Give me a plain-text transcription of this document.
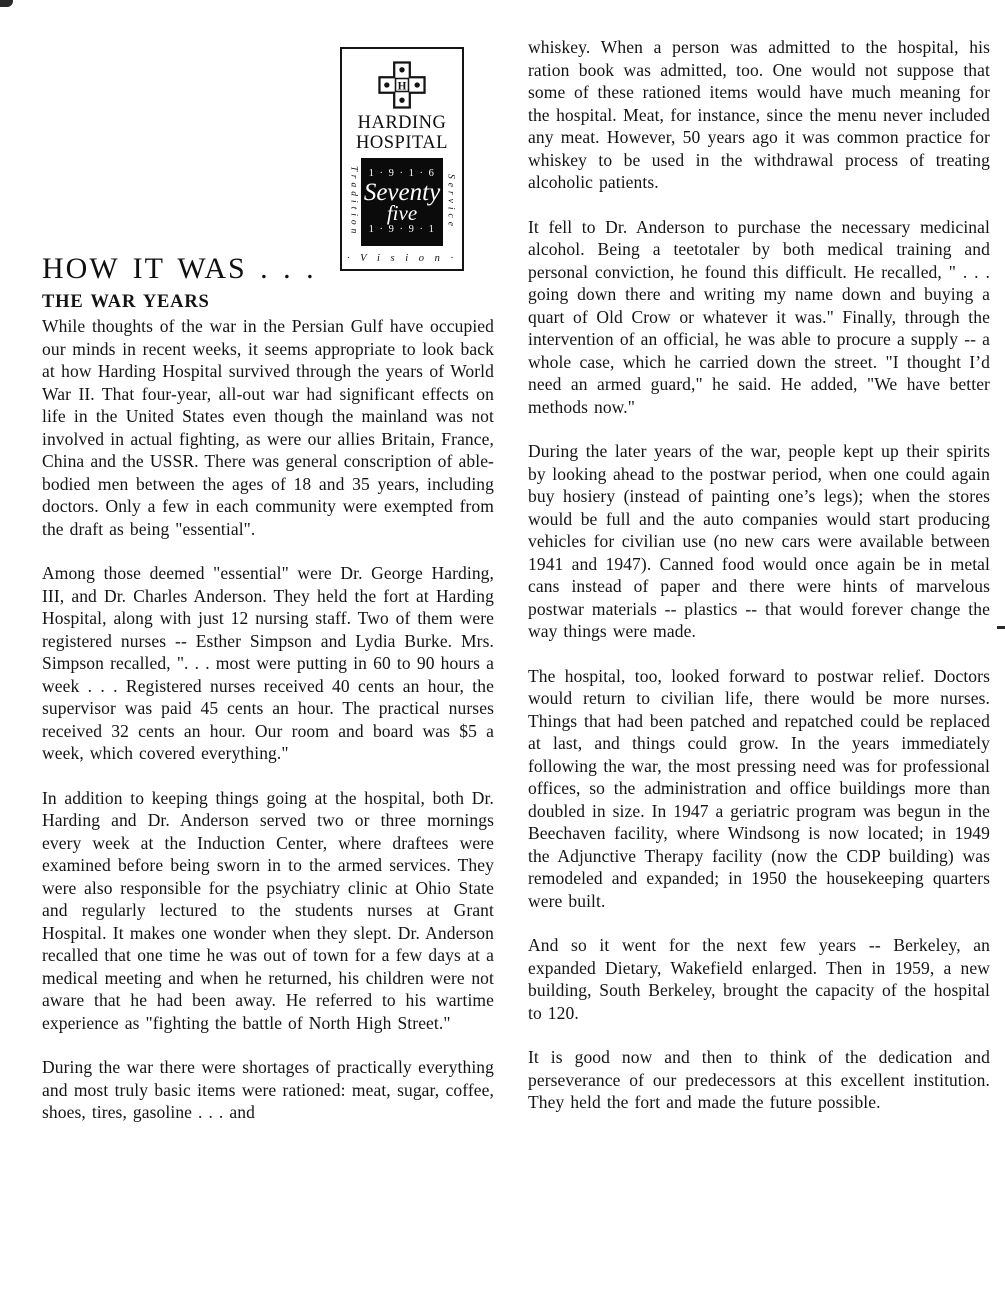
H
HARDING
HOSPITAL
Tradition 1 · 9 · 1 · 6
Seventy
five
1 · 9 · 9 · 1 Service
· V i s i o n ·
HOW IT WAS . . .
THE WAR YEARS

While thoughts of the war in the Persian Gulf have occupied our minds in recent weeks, it seems appropriate to look back at how Harding Hospital survived through the years of World War II. That four-year, all-out war had significant effects on life in the United States even though the mainland was not involved in actual fighting, as were our allies Britain, France, China and the USSR. There was general conscription of able-bodied men between the ages of 18 and 35 years, including doctors. Only a few in each community were exempted from the draft as being "essential".

Among those deemed "essential" were Dr. George Harding, III, and Dr. Charles Anderson. They held the fort at Harding Hospital, along with just 12 nursing staff. Two of them were registered nurses -- Esther Simpson and Lydia Burke. Mrs. Simpson recalled, ". . . most were putting in 60 to 90 hours a week . . . Registered nurses received 40 cents an hour, the supervisor was paid 45 cents an hour. The practical nurses received 32 cents an hour. Our room and board was $5 a week, which covered everything."

In addition to keeping things going at the hospital, both Dr. Harding and Dr. Anderson served two or three mornings every week at the Induction Center, where draftees were examined before being sworn in to the armed services. They were also responsible for the psychiatry clinic at Ohio State and regularly lectured to the students nurses at Grant Hospital. It makes one wonder when they slept. Dr. Anderson recalled that one time he was out of town for a few days at a medical meeting and when he returned, his children were not aware that he had been away. He referred to his wartime experience as "fighting the battle of North High Street."

During the war there were shortages of practically everything and most truly basic items were rationed: meat, sugar, coffee, shoes, tires, gasoline . . . and

whiskey. When a person was admitted to the hospital, his ration book was admitted, too. One would not suppose that some of these rationed items would have much meaning for the hospital. Meat, for instance, since the menu never included any meat. However, 50 years ago it was common practice for whiskey to be used in the withdrawal process of treating alcoholic patients.

It fell to Dr. Anderson to purchase the necessary medicinal alcohol. Being a teetotaler by both medical training and personal conviction, he found this difficult. He recalled, " . . . going down there and writing my name down and buying a quart of Old Crow or whatever it was." Finally, through the intervention of an official, he was able to procure a supply -- a whole case, which he carried down the street. "I thought I’d need an armed guard," he said. He added, "We have better methods now."

During the later years of the war, people kept up their spirits by looking ahead to the postwar period, when one could again buy hosiery (instead of painting one’s legs); when the stores would be full and the auto companies would start producing vehicles for civilian use (no new cars were available between 1941 and 1947). Canned food would once again be in metal cans instead of paper and there were hints of marvelous postwar materials -- plastics -- that would forever change the way things were made.

The hospital, too, looked forward to postwar relief. Doctors would return to civilian life, there would be more nurses. Things that had been patched and repatched could be replaced at last, and things could grow. In the years immediately following the war, the most pressing need was for professional offices, so the administration and office buildings more than doubled in size. In 1947 a geriatric program was begun in the Beechaven facility, where Windsong is now located; in 1949 the Adjunctive Therapy facility (now the CDP building) was remodeled and expanded; in 1950 the housekeeping quarters were built.

And so it went for the next few years -- Berkeley, an expanded Dietary, Wakefield enlarged. Then in 1959, a new building, South Berkeley, brought the capacity of the hospital to 120.

It is good now and then to think of the dedication and perseverance of our predecessors at this excellent institution. They held the fort and made the future possible.
